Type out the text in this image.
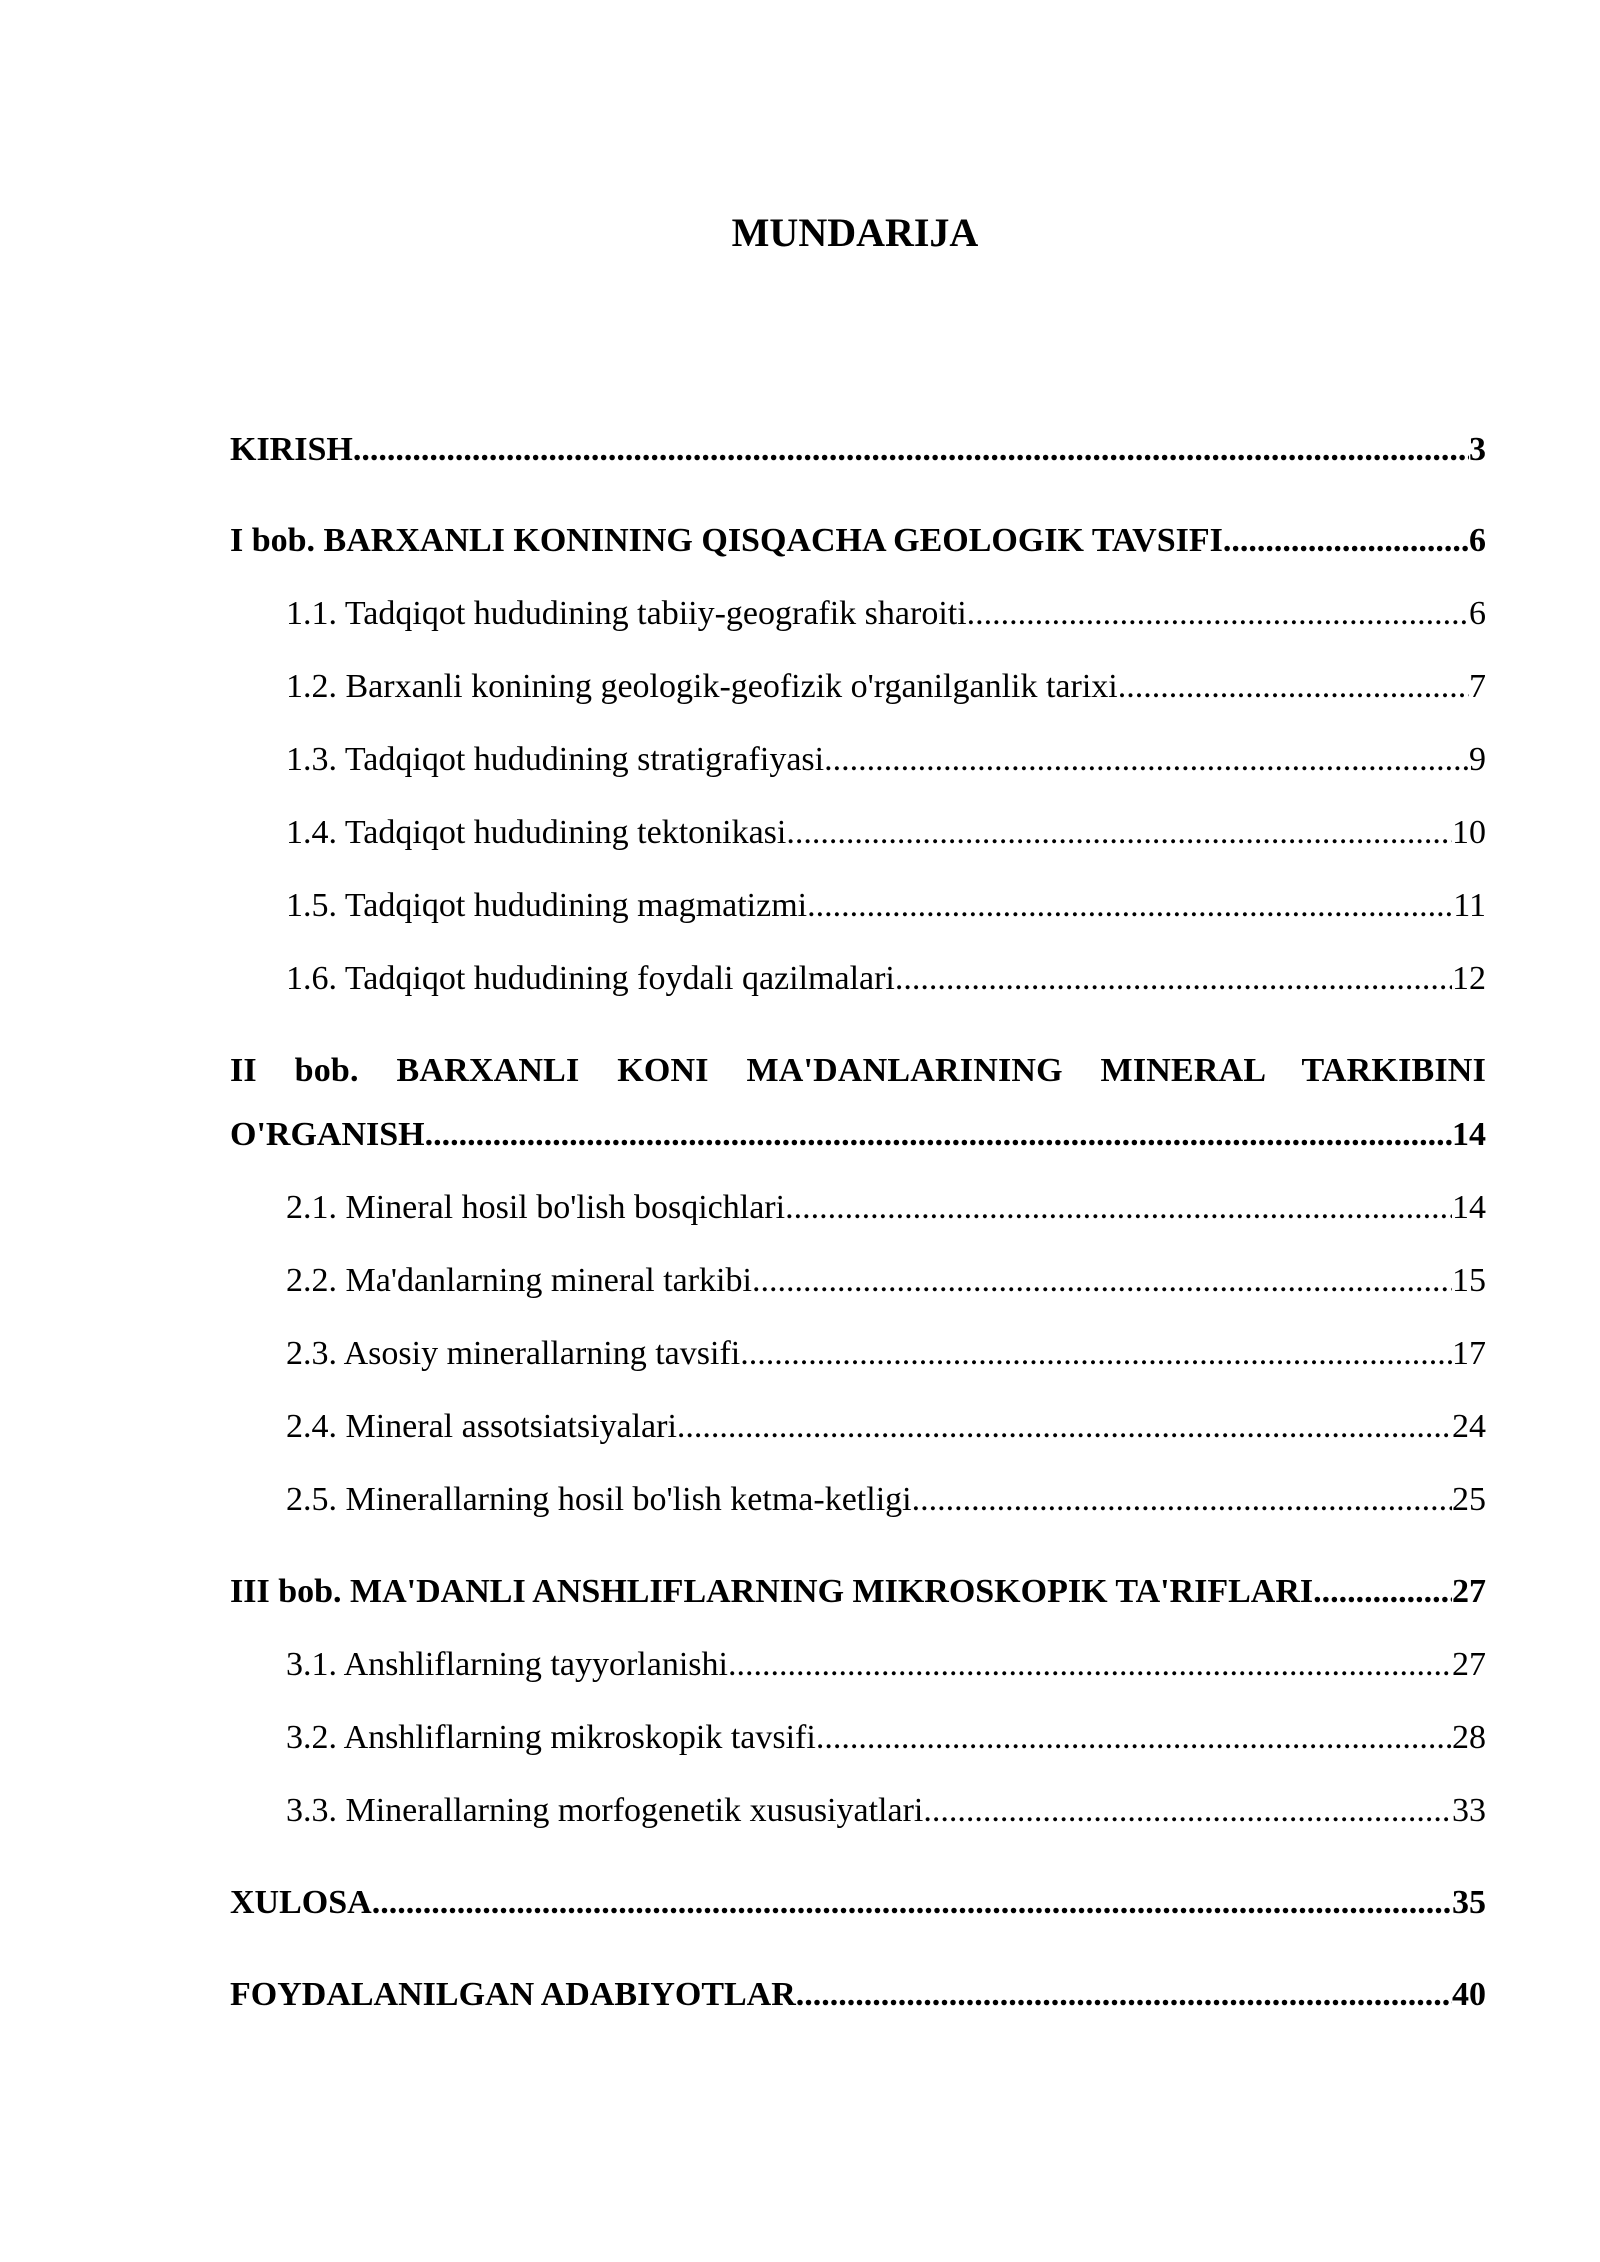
MUNDARIJA
KIRISH .....	3
I bob. BARXANLI KONINING QISQACHA GEOLOGIK TAVSIFI .....	6
1.1. Tadqiqot hududining tabiiy-geografik sharoiti .....	6
1.2. Barxanli konining geologik-geofizik o'rganilganlik tarixi .....	7
1.3. Tadqiqot hududining stratigrafiyasi .....	9
1.4. Tadqiqot hududining tektonikasi .....	10
1.5. Tadqiqot hududining magmatizmi .....	11
1.6. Tadqiqot hududining foydali qazilmalari .....	12
II bob. BARXANLI KONI MA'DANLARINING MINERAL TARKIBINI
O'RGANISH .....	14
2.1. Mineral hosil bo'lish bosqichlari .....	14
2.2. Ma'danlarning mineral tarkibi .....	15
2.3. Asosiy minerallarning tavsifi .....	17
2.4. Mineral assotsiatsiyalari .....	24
2.5. Minerallarning hosil bo'lish ketma-ketligi .....	25
III bob. MA'DANLI ANSHLIFLARNING MIKROSKOPIK TA'RIFLARI .....	27
3.1. Anshliflarning tayyorlanishi .....	27
3.2. Anshliflarning mikroskopik tavsifi .....	28
3.3. Minerallarning morfogenetik xususiyatlari .....	33
XULOSA .....	35
FOYDALANILGAN ADABIYOTLAR .....	40
